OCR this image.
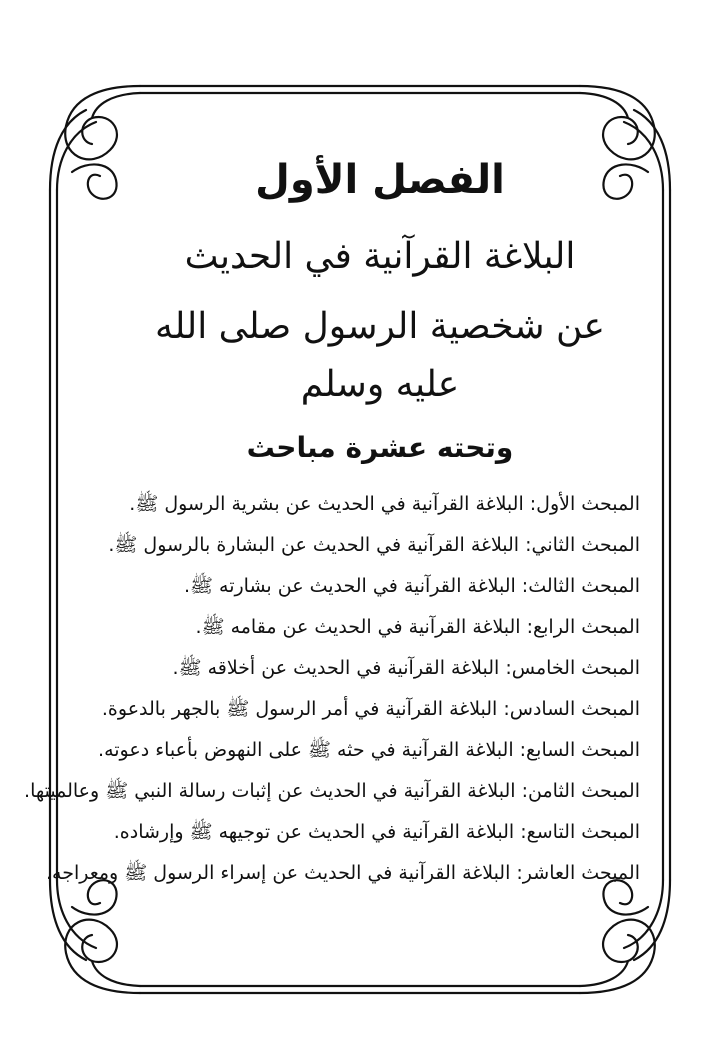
الفصل الأول
البلاغة القرآنية في الحديث
عن شخصية الرسول صلى الله عليه وسلم
وتحته عشرة مباحث
المبحث الأول: البلاغة القرآنية في الحديث عن بشرية الرسول ﷺ.
المبحث الثاني: البلاغة القرآنية في الحديث عن البشارة بالرسول ﷺ.
المبحث الثالث: البلاغة القرآنية في الحديث عن بشارته ﷺ.
المبحث الرابع: البلاغة القرآنية في الحديث عن مقامه ﷺ.
المبحث الخامس: البلاغة القرآنية في الحديث عن أخلاقه ﷺ.
المبحث السادس: البلاغة القرآنية في أمر الرسول ﷺ بالجهر بالدعوة.
المبحث السابع: البلاغة القرآنية في حثه ﷺ على النهوض بأعباء دعوته.
المبحث الثامن: البلاغة القرآنية في الحديث عن إثبات رسالة النبي ﷺ وعالميتها.
المبحث التاسع: البلاغة القرآنية في الحديث عن توجيهه ﷺ وإرشاده.
المبحث العاشر: البلاغة القرآنية في الحديث عن إسراء الرسول ﷺ ومعراجه.
